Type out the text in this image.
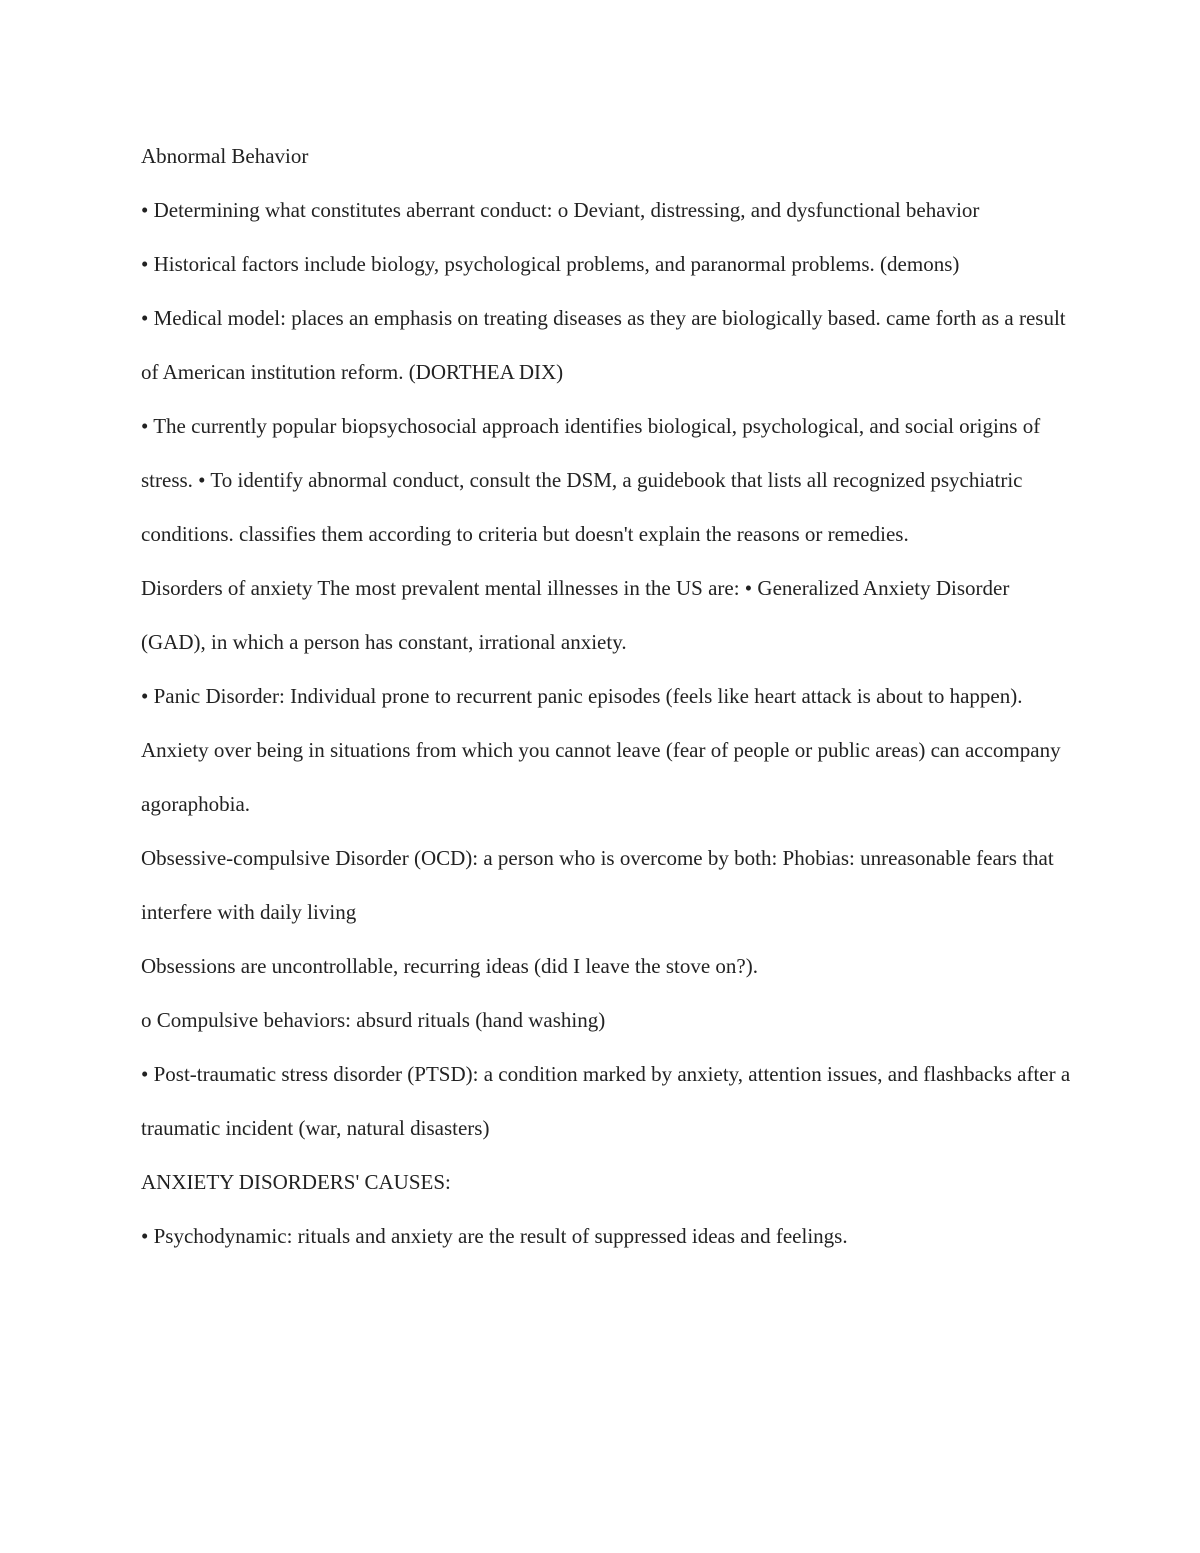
Abnormal Behavior

• Determining what constitutes aberrant conduct: o Deviant, distressing, and dysfunctional behavior

• Historical factors include biology, psychological problems, and paranormal problems. (demons)

• Medical model: places an emphasis on treating diseases as they are biologically based. came forth as a result of American institution reform. (DORTHEA DIX)

• The currently popular biopsychosocial approach identifies biological, psychological, and social origins of stress. • To identify abnormal conduct, consult the DSM, a guidebook that lists all recognized psychiatric conditions. classifies them according to criteria but doesn't explain the reasons or remedies.

Disorders of anxiety The most prevalent mental illnesses in the US are: • Generalized Anxiety Disorder (GAD), in which a person has constant, irrational anxiety.

• Panic Disorder: Individual prone to recurrent panic episodes (feels like heart attack is about to happen). Anxiety over being in situations from which you cannot leave (fear of people or public areas) can accompany agoraphobia.

Obsessive-compulsive Disorder (OCD): a person who is overcome by both: Phobias: unreasonable fears that interfere with daily living

Obsessions are uncontrollable, recurring ideas (did I leave the stove on?).

o Compulsive behaviors: absurd rituals (hand washing)

• Post-traumatic stress disorder (PTSD): a condition marked by anxiety, attention issues, and flashbacks after a traumatic incident (war, natural disasters)

ANXIETY DISORDERS' CAUSES:

• Psychodynamic: rituals and anxiety are the result of suppressed ideas and feelings.
